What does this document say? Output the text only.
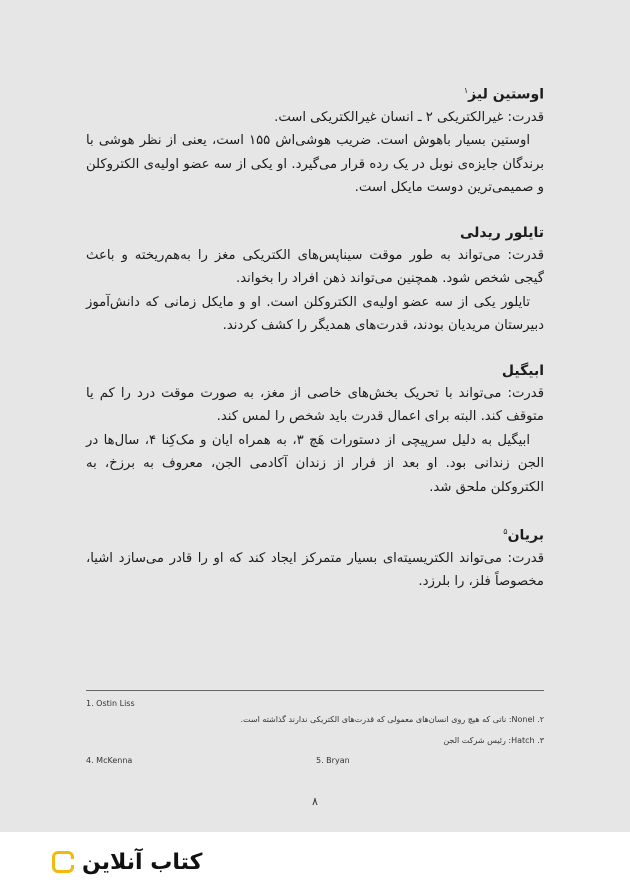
اوستین لیز$^۱$

قدرت: غیرالکتریکی ۲ ـ انسان غیرالکتریکی است.

اوستین بسیار باهوش است. ضریب هوشی‌اش ۱۵۵ است، یعنی از نظر هوشی با برندگان جایزه‌ی نوبل در یک رده قرار می‌گیرد. او یکی از سه عضو اولیه‌ی الکتروکلن و صمیمی‌ترین دوست مایکل است.

تایلور ریدلی

قدرت: می‌تواند به طور موقت سیناپس‌های الکتریکی مغز را به‌هم‌ریخته و باعث گیجی شخص شود. همچنین می‌تواند ذهن افراد را بخواند.

تایلور یکی از سه عضو اولیه‌ی الکتروکلن است. او و مایکل زمانی که دانش‌آموز دبیرستان مریدیان بودند، قدرت‌های همدیگر را کشف کردند.

ابیگیل

قدرت: می‌تواند با تحریک بخش‌های خاصی از مغز، به صورت موقت درد را کم یا متوقف کند. البته برای اعمال قدرت باید شخص را لمس کند.

ابیگیل به دلیل سرپیچی از دستورات هَچ ۳، به همراه ایان و مک‌کِنا ۴، سال‌ها در الجن زندانی بود. او بعد از فرار از زندان آکادمی الجن، معروف به برزخ، به الکتروکلن ملحق شد.

بریان$^۵$

قدرت: می‌تواند الکتریسیته‌ای بسیار متمرکز ایجاد کند که او را قادر می‌سازد اشیا، مخصوصاً فلز، را بلرزد.

1. Ostin Liss
۲. Nonel: ناتی که هیچ روی انسان‌های معمولی که قدرت‌های الکتریکی ندارند گذاشته است.
۳. Hatch: رئیس شرکت الجن
4. McKenna	5. Bryan
۸
کتاب آنلاین
